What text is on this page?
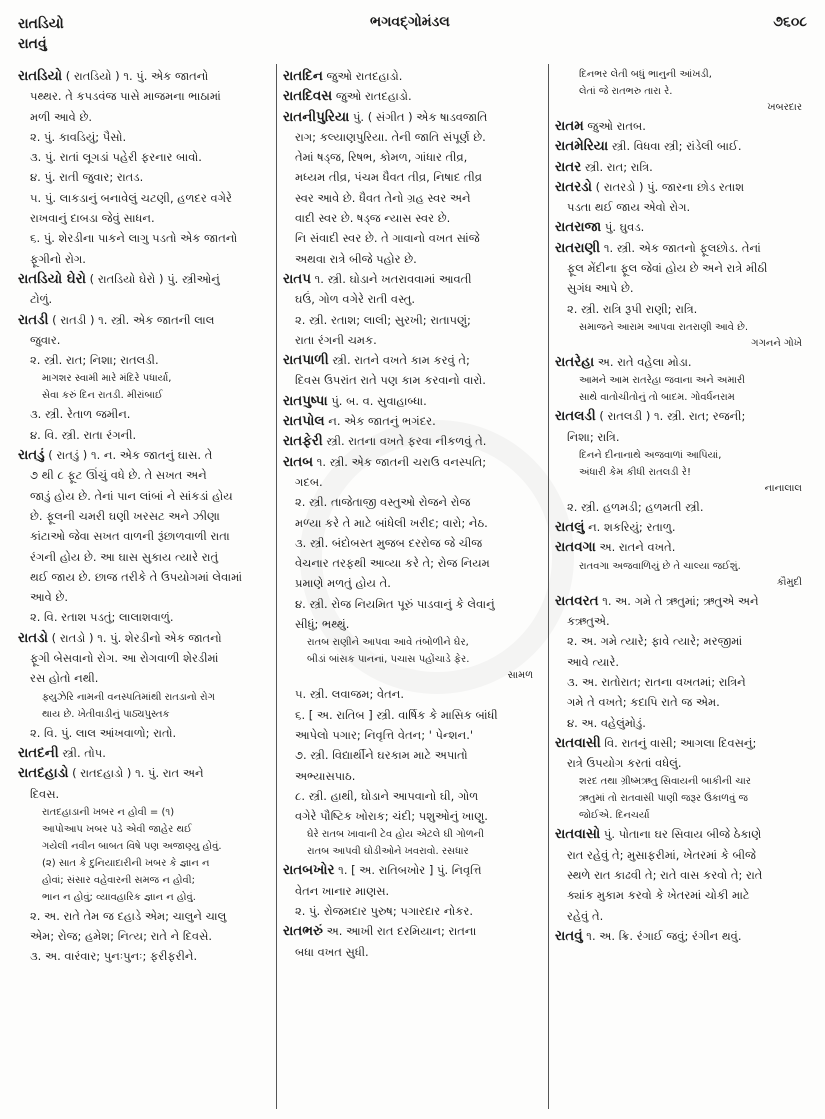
રાતડિયો
રાતવું
ભગવદ્ગોમંડલ	૭૬૦૮
રાતડિયો ( રાતડિયો ) ૧. પું. એક જાતનો
પથ્થર. તે કપડવંજ પાસે માજમના ભાઠામાં
મળી આવે છે.
૨. પું. કાવડિયું; પૈસો.
૩. પું. રાતાં લૂગડાં પહેરી ફરનાર બાવો.
૪. પું. રાતી જુવાર; રાતડ.
૫. પું. લાકડાનું બનાવેલું ચટણી, હળદર વગેરે
રાખવાનું દાબડા જેવું સાધન.
૬. પું. શેરડીના પાકને લાગુ પડતો એક જાતનો
ફૂગીનો રોગ.
રાતડિયો ઘેરો ( રાતડિયો ઘેરો ) પું. સ્ત્રીઓનું
ટોળું.
રાતડી ( રાતડી ) ૧. સ્ત્રી. એક જાતની લાલ
જુવાર.
૨. સ્ત્રી. રાત; નિશા; રાતલડી.
માગશર સ્વામી મારે મંદિરે પધાર્યા,
સેવા કરું દિન રાતડી. મીરાંબાઈ
૩. સ્ત્રી. રેતાળ જમીન.
૪. વિ. સ્ત્રી. રાતા રંગની.
રાતડું ( રાતડું ) ૧. ન. એક જાતનું ઘાસ. તે
૭ થી ૮ ફૂટ ઊંચું વધે છે. તે સખત અને
જાડું હોય છે. તેનાં પાન લાંબાં ને સાંકડાં હોય
છે. ફૂલની ચમરી ઘણી ખરસટ અને ઝીણા
કાંટાઓ જેવા સખત વાળની રૂંછાળવાળી રાતા
રંગની હોય છે. આ ઘાસ સુકાય ત્યારે રાતું
થઈ જાય છે. છાજ તરીકે તે ઉપયોગમાં લેવામાં
આવે છે.
૨. વિ. રતાશ પડતું; લાલાશવાળું.
રાતડો ( રાતડો ) ૧. પું. શેરડીનો એક જાતનો
ફૂગી બેસવાનો રોગ. આ રોગવાળી શેરડીમાં
રસ હોતો નથી.
ફ્યુઝેરિ નામની વનસ્પતિમાંથી રાતડાનો રોગ
થાય છે. ખેતીવાડીનું પાઠ્યપુસ્તક
૨. વિ. પું. લાલ આંખવાળો; રાતો.
રાતદની સ્ત્રી. તોપ.
રાતદહાડો ( રાતદહાડો ) ૧. પું. રાત અને
દિવસ.
રાતદહાડાની ખબર ન હોવી = (૧)
આપોઆપ ખબર પડે એવી જાહેર થઈ
ગયેલી નવીન બાબત વિષે પણ અજાણ્યુ હોવું.
(૨) સાત કે દુનિયાદારીની ખબર કે જ્ઞાન ન
હોવાં; સંસાર વહેવારની સમજ ન હોવી;
ભાન ન હોવું; વ્યાવહારિક જ્ઞાન ન હોવું.
૨. અ. રાતે તેમ જ દહાડે એમ; ચાલુને ચાલુ
એમ; રોજ; હમેશ; નિત્ય; રાતે ને દિવસે.
૩. અ. વારંવાર; પુનઃપુનઃ; ફરીફરીને.
રાતદિન જુઓ રાતદહાડો.
રાતદિવસ જુઓ રાતદહાડો.
રાતનીપુરિયા પું. ( સંગીત ) એક ષાડવજાતિ
રાગ; કલ્યાણપુરિયા. તેની જાતિ સંપૂર્ણ છે.
તેમાં ષડ્જ, રિષભ, કોમળ, ગાંધાર તીવ્ર,
મધ્યમ તીવ્ર, પંચમ ધૈવત તીવ્ર, નિષાદ તીવ્ર
સ્વર આવે છે. ધૈવત તેનો ગ્રહ સ્વર અને
વાદી સ્વર છે. ષડ્જ ન્યાસ સ્વર છે.
નિ સંવાદી સ્વર છે. તે ગાવાનો વખત સાંજે
અથવા રાત્રે બીજે પહોર છે.
રાતપ ૧. સ્ત્રી. ઘોડાને ખતરાવવામાં આવતી
ઘઉં, ગોળ વગેરે રાતી વસ્તુ.
૨. સ્ત્રી. રતાશ; લાલી; સુરખી; રાતાપણું;
રાતા રંગની ચમક.
રાતપાળી સ્ત્રી. રાતને વખતે કામ કરવું તે;
દિવસ ઉપરાંત રાતે પણ કામ કરવાનો વારો.
રાતપુષ્પા પું. બ. વ. સુવાહાબ્ધા.
રાતપોલ ન. એક જાતનું ભગંદર.
રાતફેરી સ્ત્રી. રાતના વખતે ફરવા નીકળવું તે.
રાતબ ૧. સ્ત્રી. એક જાતની ચરાઉ વનસ્પતિ;
ગદબ.
૨. સ્ત્રી. તાજેતાજી વસ્તુઓ રોજને રોજ
મળ્યા કરે તે માટે બાંધેલી ખરીદ; વારો; નેઠ.
૩. સ્ત્રી. બંદોબસ્ત મુજબ દરરોજ જે ચીજ
વેચનાર તરફથી આવ્યા કરે તે; રોજ નિયમ
પ્રમાણે મળતું હોય તે.
૪. સ્ત્રી. રોજ નિયમિત પૂરું પાડવાનું કે લેવાનું
સીધું; ભથ્થું.
રાતબ રાણીને આપવા આવે તંબોળીને ઘેર,
બીડાં બાંસક પાનનાં, પચાસ પહોંચાડે ફેર.
સામળ
૫. સ્ત્રી. લવાજમ; વેતન.
૬. [ અ. રાતિબ ] સ્ત્રી. વાર્ષિક કે માસિક બાંધી
આપેલો પગાર; નિવૃત્તિ વેતન; ' પેન્શન.'
૭. સ્ત્રી. વિદ્યાર્થીને ઘરકામ માટે અપાતો
અભ્યાસપાઠ.
૮. સ્ત્રી. હાથી, ઘોડાને આપવાનો ઘી, ગોળ
વગેરે પૌષ્ટિક ખોરાક; ચંદી; પશુઓનું ખાણુ.
ઘેરે રાતબ ખાવાની ટેવ હોય એટલે ઘી ગોળની
રાતબ આપવી ઘોડીઓને ખવરાવો. રસધાર
રાતબખોર ૧. [ અ. રાતિબખોર ] પું. નિવૃત્તિ
વેતન ખાનાર માણસ.
૨. પું. રોજમદાર પુરુષ; પગારદાર નોકર.
રાતભરું અ. આખી રાત દરમિયાન; રાતના
બધા વખત સુધી.
દિનભર લેતી બધું ભાનુની આંખડી,
લેતાં જે રાતભરુ તારા રે.
ખબરદાર
રાતમ જુઓ રાતબ.
રાતમેરિયા સ્ત્રી. વિધવા સ્ત્રી; રાંડેલી બાઈ.
રાતર સ્ત્રી. રાત; રાત્રિ.
રાતરડો ( રાતરડો ) પું. જારના છોડ રતાશ
પડતા થઈ જાય એવો રોગ.
રાતરાજા પું. ઘુવડ.
રાતરાણી ૧. સ્ત્રી. એક જાતનો ફૂલછોડ. તેનાં
ફૂલ મેંદીના ફૂલ જેવાં હોય છે અને રાત્રે મીઠી
સુગંધ આપે છે.
૨. સ્ત્રી. રાત્રિ રૂપી રાણી; રાત્રિ.
સમાજને આરામ આપવા રાતરાણી આવે છે.
ગગનને ગોખે
રાતરેહા અ. રાતે વહેલા મોડા.
આમને આમ રાતરેહા જવાના અને અમારી
સાથે વાતોચીતોનું તો બાદમ. ગોવર્ધનરામ
રાતલડી ( રાતલડી ) ૧. સ્ત્રી. રાત; રજની;
નિશા; રાત્રિ.
દિનને દીનાનાથે અજવાળાં આપિયાં,
અંધારી કેમ કીધી રાતલડી રે!
નાનાલાલ
૨. સ્ત્રી. હળમડી; હળમતી સ્ત્રી.
રાતલું ન. શકરિયું; રતાળુ.
રાતવગા અ. રાતને વખતે.
રાતવગા અજવાળિયું છે તે ચાલ્યા જઈશું.
કૌમુદી
રાતવરત ૧. અ. ગમે તે ઋતુમાં; ઋતુએ અને
કઋતુએ.
૨. અ. ગમે ત્યારે; ફાવે ત્યારે; મરજીમાં
આવે ત્યારે.
૩. અ. રાતોરાત; રાતના વખતમાં; રાત્રિને
ગમે તે વખતે; કદાપિ રાતે જ એમ.
૪. અ. વહેલુંમોડું.
રાતવાસી વિ. રાતનું વાસી; આગલા દિવસનું;
રાત્રે ઉપયોગ કરતાં વધેલું.
શરદ તથા ગ્રીષ્મઋતુ સિવાયની બાકીની ચાર
ઋતુમાં તો રાતવાસી પાણી જરૂર ઉકાળવું જ
જોઈએ. દિનચર્યા
રાતવાસો પું. પોતાના ઘર સિવાય બીજે ઠેકાણે
રાત રહેવું તે; મુસાફરીમાં, ખેતરમાં કે બીજે
સ્થળે રાત કાઢવી તે; રાતે વાસ કરવો તે; રાતે
ક્યાંક મુકામ કરવો કે ખેતરમાં ચોકી માટે
રહેવું તે.
રાતવું ૧. અ. ક્રિ. રંગાઈ જવું; રંગીન થવું.
